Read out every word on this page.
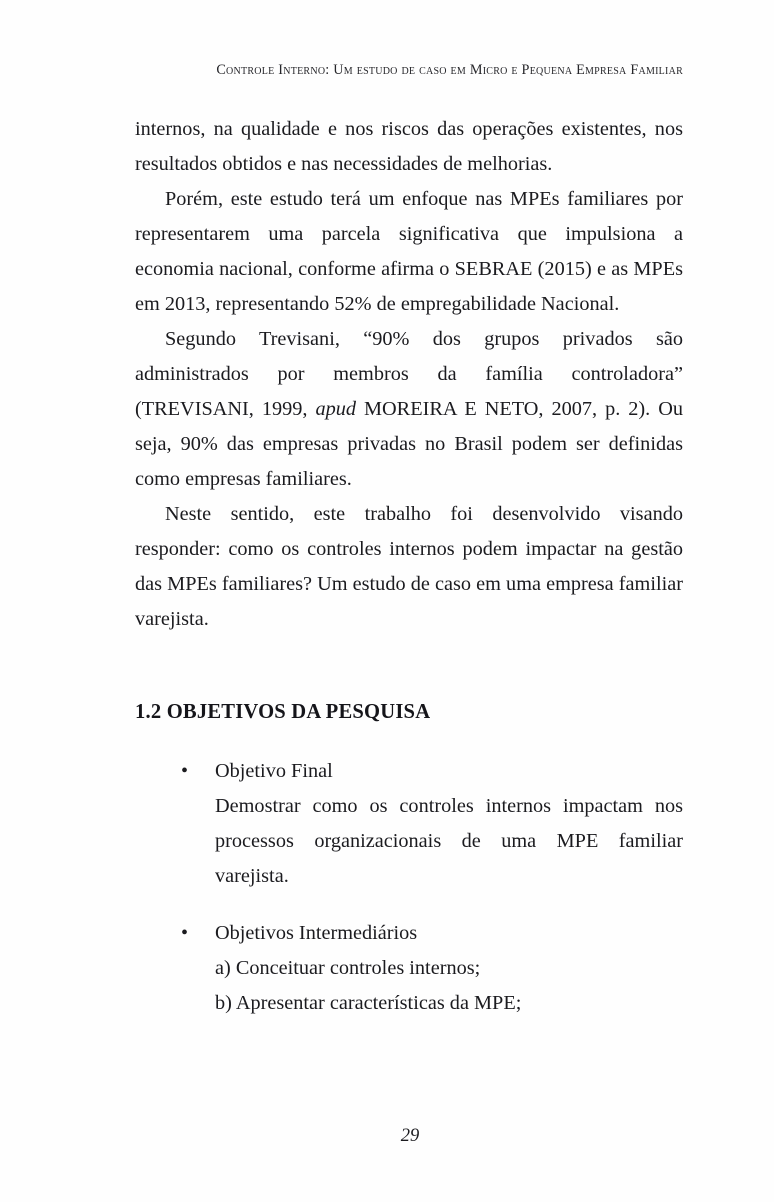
Controle Interno: Um estudo de caso em Micro e Pequena Empresa Familiar

internos, na qualidade e nos riscos das operações existentes, nos resultados obtidos e nas necessidades de melhorias.

Porém, este estudo terá um enfoque nas MPEs familiares por representarem uma parcela significativa que impulsiona a economia nacional, conforme afirma o SEBRAE (2015) e as MPEs em 2013, representando 52% de empregabilidade Nacional.

Segundo Trevisani, “90% dos grupos privados são administrados por membros da família controladora” (TREVISANI, 1999, apud MOREIRA E NETO, 2007, p. 2). Ou seja, 90% das empresas privadas no Brasil podem ser definidas como empresas familiares.

Neste sentido, este trabalho foi desenvolvido visando responder: como os controles internos podem impactar na gestão das MPEs familiares? Um estudo de caso em uma empresa familiar varejista.

1.2 OBJETIVOS DA PESQUISA
• Objetivo Final
Demostrar como os controles internos impactam nos processos organizacionais de uma MPE familiar varejista.
• Objetivos Intermediários
a) Conceituar controles internos;
b) Apresentar características da MPE;
29
